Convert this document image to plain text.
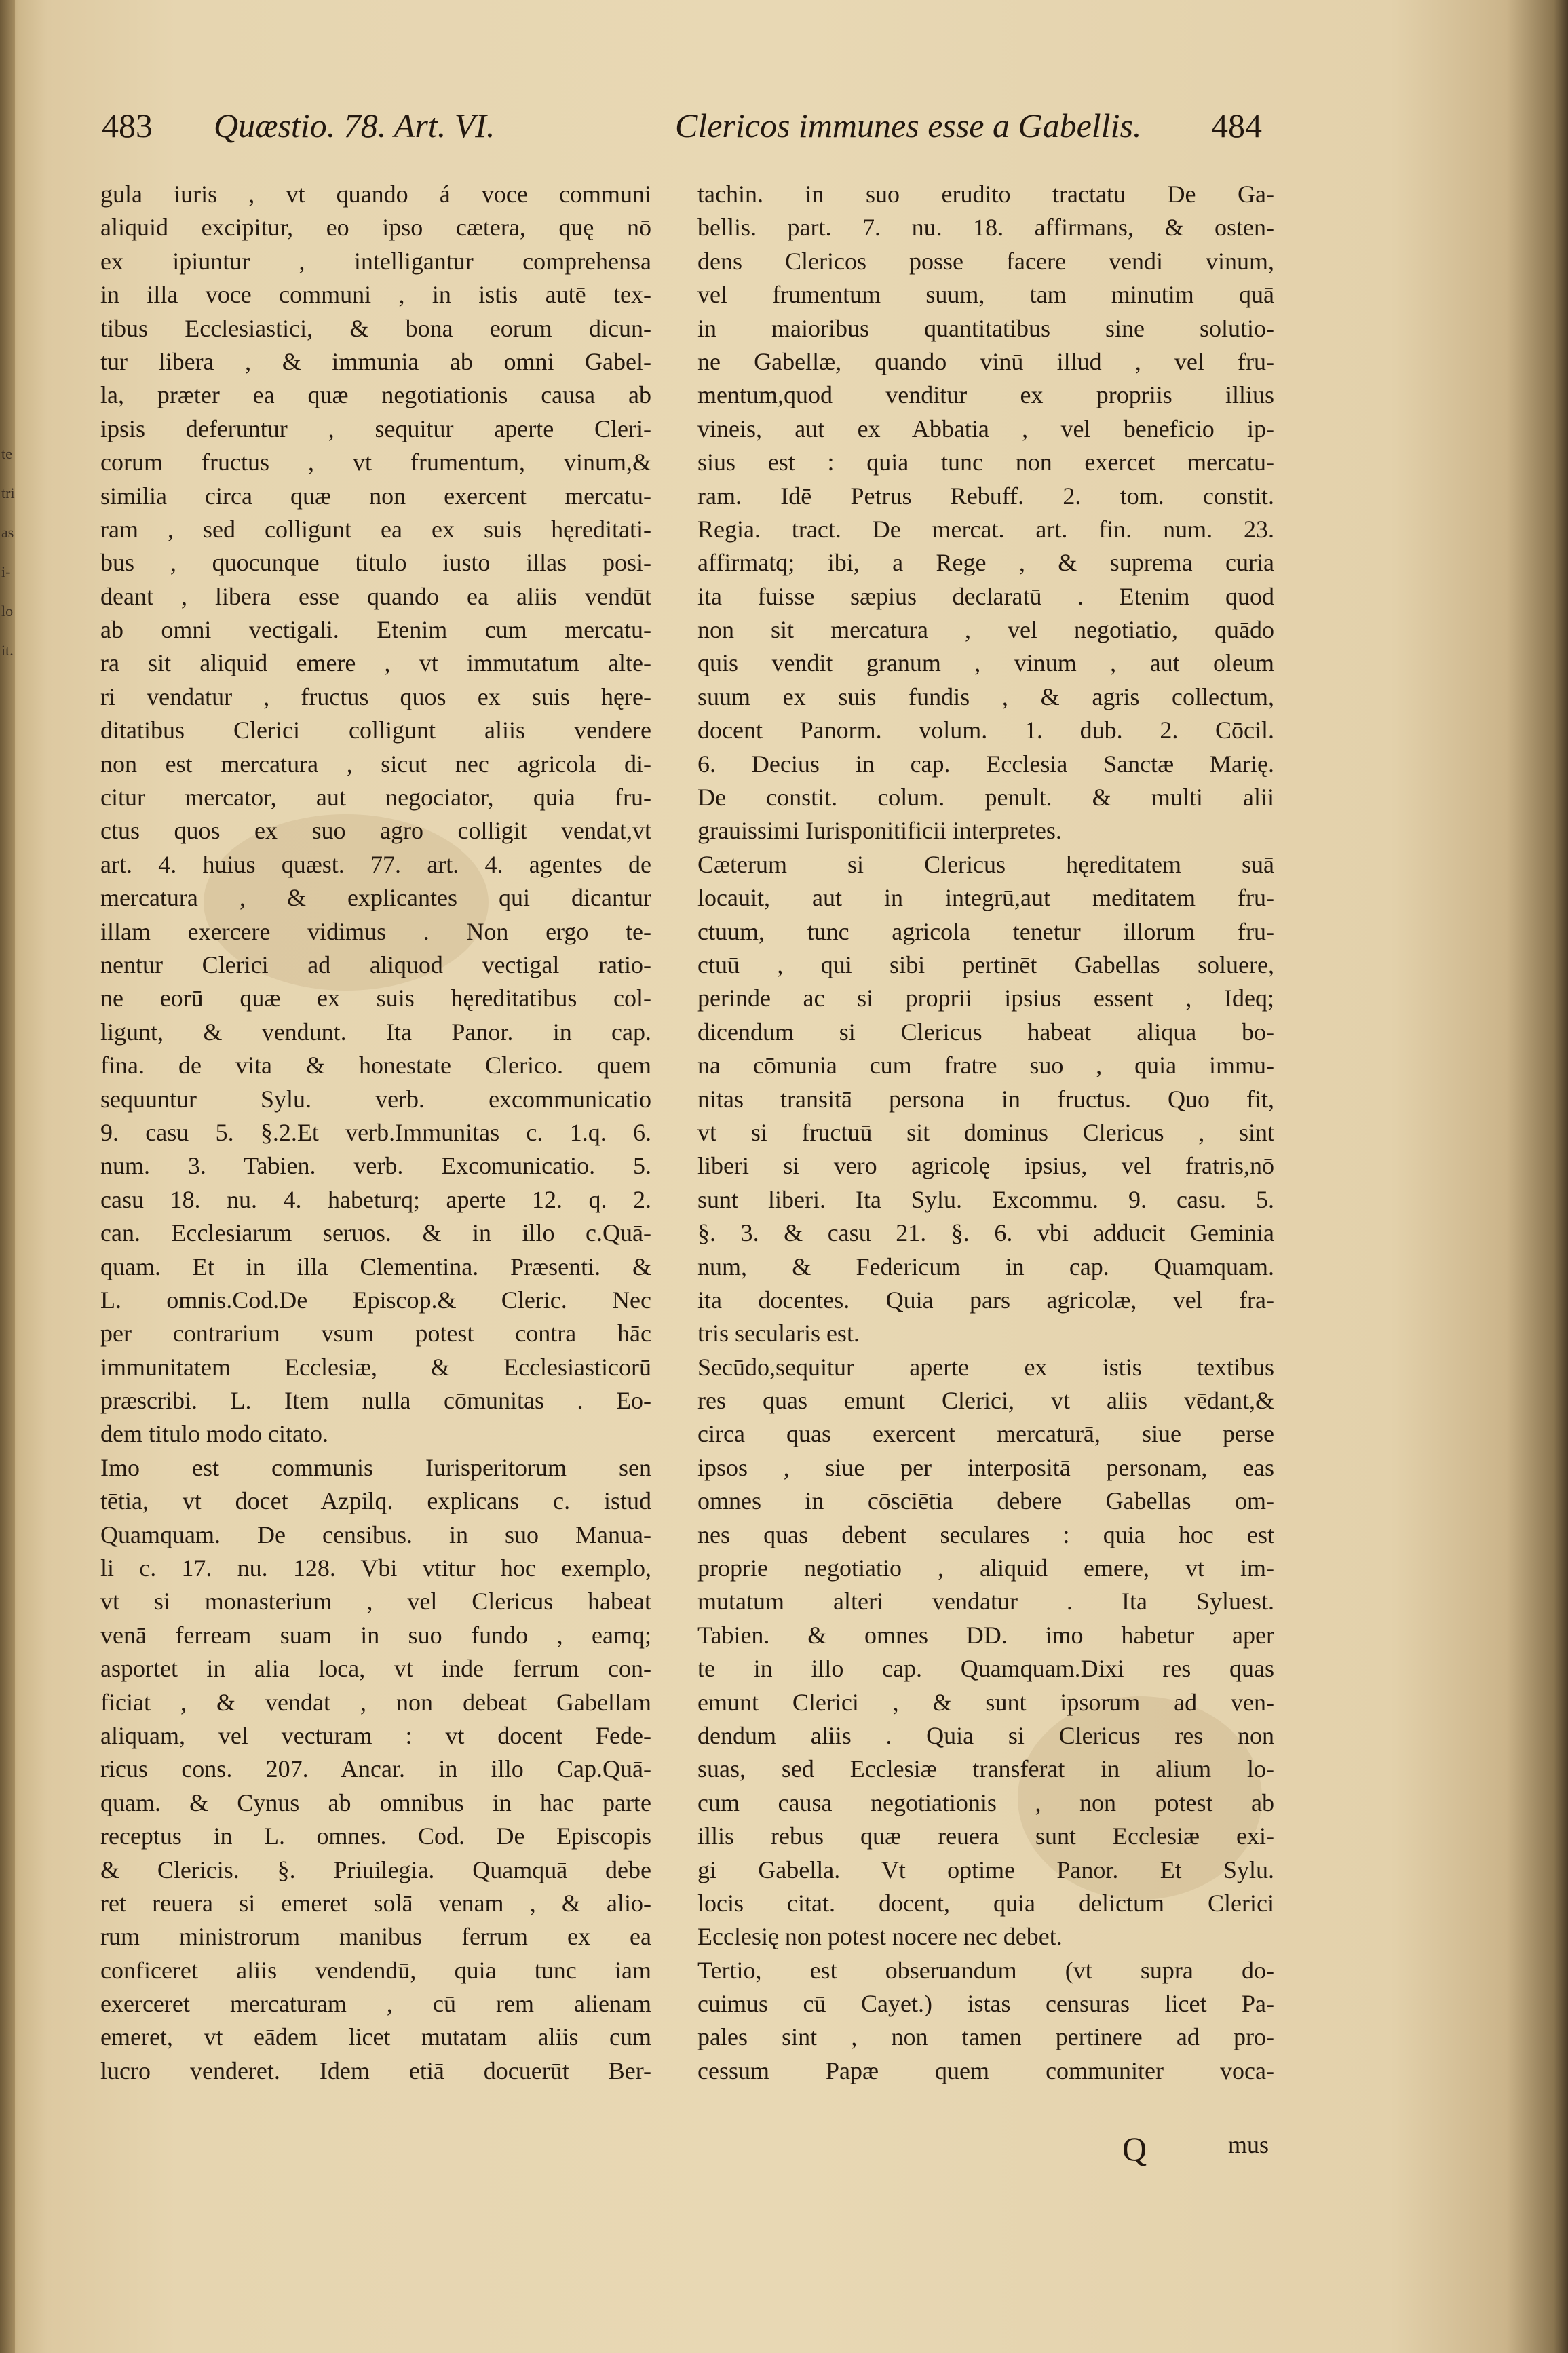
te
tri
as
i-
lo
it.
483 Quæstio. 78. Art. VI.	Clericos immunes esse a Gabellis. 484
gula iuris , vt quando á voce communi
aliquid excipitur, eo ipso cætera, quę nō
ex ipiuntur , intelligantur comprehensa
in illa voce communi , in istis autē tex-
tibus Ecclesiastici, & bona eorum dicun-
tur libera , & immunia ab omni Gabel-
la, præter ea quæ negotiationis causa ab
ipsis deferuntur , sequitur aperte Cleri-
corum fructus , vt frumentum, vinum,&
similia circa quæ non exercent mercatu-
ram , sed colligunt ea ex suis hęreditati-
bus , quocunque titulo iusto illas posi-
deant , libera esse quando ea aliis vendūt
ab omni vectigali. Etenim cum mercatu-
ra sit aliquid emere , vt immutatum alte-
ri vendatur , fructus quos ex suis hęre-
ditatibus Clerici colligunt aliis vendere
non est mercatura , sicut nec agricola di-
citur mercator, aut negociator, quia fru-
ctus quos ex suo agro colligit vendat,vt
art. 4. huius quæst. 77. art. 4. agentes de
mercatura , & explicantes qui dicantur
illam exercere vidimus . Non ergo te-
nentur Clerici ad aliquod vectigal ratio-
ne eorū quæ ex suis hęreditatibus col-
ligunt, & vendunt. Ita Panor. in cap.
fina. de vita & honestate Clerico. quem
sequuntur Sylu. verb. excommunicatio
9. casu 5. §.2.Et verb.Immunitas c. 1.q. 6.
num. 3. Tabien. verb. Excomunicatio. 5.
casu 18. nu. 4. habeturq; aperte 12. q. 2.
can. Ecclesiarum seruos. & in illo c.Quā-
quam. Et in illa Clementina. Præsenti. &
L. omnis.Cod.De Episcop.& Cleric. Nec
per contrarium vsum potest contra hāc
immunitatem Ecclesiæ, & Ecclesiasticorū
præscribi. L. Item nulla cōmunitas . Eo-
dem titulo modo citato.
Imo est communis Iurisperitorum sen
tētia, vt docet Azpilq. explicans c. istud
Quamquam. De censibus. in suo Manua-
li c. 17. nu. 128. Vbi vtitur hoc exemplo,
vt si monasterium , vel Clericus habeat
venā ferream suam in suo fundo , eamq;
asportet in alia loca, vt inde ferrum con-
ficiat , & vendat , non debeat Gabellam
aliquam, vel vecturam : vt docent Fede-
ricus cons. 207. Ancar. in illo Cap.Quā-
quam. & Cynus ab omnibus in hac parte
receptus in L. omnes. Cod. De Episcopis
& Clericis. §. Priuilegia. Quamquā debe
ret reuera si emeret solā venam , & alio-
rum ministrorum manibus ferrum ex ea
conficeret aliis vendendū, quia tunc iam
exerceret mercaturam , cū rem alienam
emeret, vt eādem licet mutatam aliis cum
lucro venderet. Idem etiā docuerūt Ber-
tachin. in suo erudito tractatu De Ga-
bellis. part. 7. nu. 18. affirmans, & osten-
dens Clericos posse facere vendi vinum,
vel frumentum suum, tam minutim quā
in maioribus quantitatibus sine solutio-
ne Gabellæ, quando vinū illud , vel fru-
mentum,quod venditur ex propriis illius
vineis, aut ex Abbatia , vel beneficio ip-
sius est : quia tunc non exercet mercatu-
ram. Idē Petrus Rebuff. 2. tom. constit.
Regia. tract. De mercat. art. fin. num. 23.
affirmatq; ibi, a Rege , & suprema curia
ita fuisse sæpius declaratū . Etenim quod
non sit mercatura , vel negotiatio, quādo
quis vendit granum , vinum , aut oleum
suum ex suis fundis , & agris collectum,
docent Panorm. volum. 1. dub. 2. Cōcil.
6. Decius in cap. Ecclesia Sanctæ Marię.
De constit. colum. penult. & multi alii
grauissimi Iurisponitificii interpretes.
Cæterum si Clericus hęreditatem suā
locauit, aut in integrū,aut meditatem fru-
ctuum, tunc agricola tenetur illorum fru-
ctuū , qui sibi pertinēt Gabellas soluere,
perinde ac si proprii ipsius essent , Ideq;
dicendum si Clericus habeat aliqua bo-
na cōmunia cum fratre suo , quia immu-
nitas transitā persona in fructus. Quo fit,
vt si fructuū sit dominus Clericus , sint
liberi si vero agricolę ipsius, vel fratris,nō
sunt liberi. Ita Sylu. Excommu. 9. casu. 5.
§. 3. & casu 21. §. 6. vbi adducit Geminia
num, & Federicum in cap. Quamquam.
ita docentes. Quia pars agricolæ, vel fra-
tris secularis est.
Secūdo,sequitur aperte ex istis textibus
res quas emunt Clerici, vt aliis vēdant,&
circa quas exercent mercaturā, siue perse
ipsos , siue per interpositā personam, eas
omnes in cōsciētia debere Gabellas om-
nes quas debent seculares : quia hoc est
proprie negotiatio , aliquid emere, vt im-
mutatum alteri vendatur . Ita Syluest.
Tabien. & omnes DD. imo habetur aper
te in illo cap. Quamquam.Dixi res quas
emunt Clerici , & sunt ipsorum ad ven-
dendum aliis . Quia si Clericus res non
suas, sed Ecclesiæ transferat in alium lo-
cum causa negotiationis , non potest ab
illis rebus quæ reuera sunt Ecclesiæ exi-
gi Gabella. Vt optime Panor. Et Sylu.
locis citat. docent, quia delictum Clerici
Ecclesię non potest nocere nec debet.
Tertio, est obseruandum (vt supra do-
cuimus cū Cayet.) istas censuras licet Pa-
pales sint , non tamen pertinere ad pro-
cessum Papæ quem communiter voca-
Q	mus
